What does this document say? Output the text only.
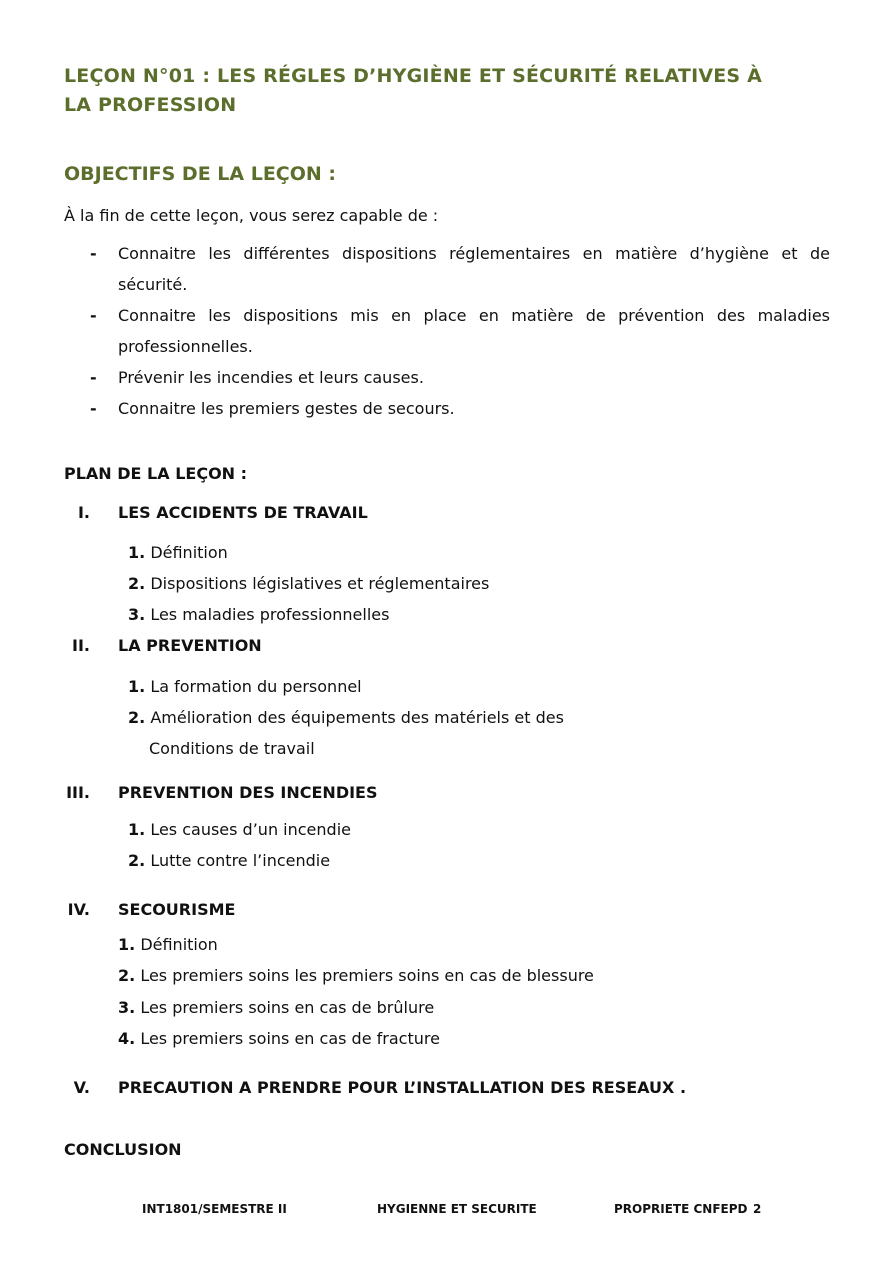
LEÇON N°01 : LES RÉGLES D’HYGIÈNE ET SÉCURITÉ RELATIVES À LA PROFESSION
OBJECTIFS DE LA LEÇON :
À la fin de cette leçon, vous serez capable de :
- Connaitre les différentes dispositions réglementaires en matière d’hygiène et de sécurité.
- Connaitre les dispositions mis en place en matière de prévention des maladies professionnelles.
- Prévenir les incendies et leurs causes.
- Connaitre les premiers gestes de secours.
PLAN DE LA LEÇON :
I. LES ACCIDENTS DE TRAVAIL
1. Définition
2. Dispositions législatives et réglementaires
3. Les maladies professionnelles
II. LA PREVENTION
1. La formation du personnel
2. Amélioration des équipements des matériels et des
Conditions de travail
III. PREVENTION DES INCENDIES
1. Les causes d’un incendie
2. Lutte contre l’incendie
IV. SECOURISME
1. Définition
2. Les premiers soins les premiers soins en cas de blessure
3. Les premiers soins en cas de brûlure
4. Les premiers soins en cas de fracture
V. PRECAUTION A PRENDRE POUR L’INSTALLATION DES RESEAUX .
CONCLUSION
INT1801/SEMESTRE II	HYGIENNE ET SECURITE	PROPRIETE CNFEPD 2
